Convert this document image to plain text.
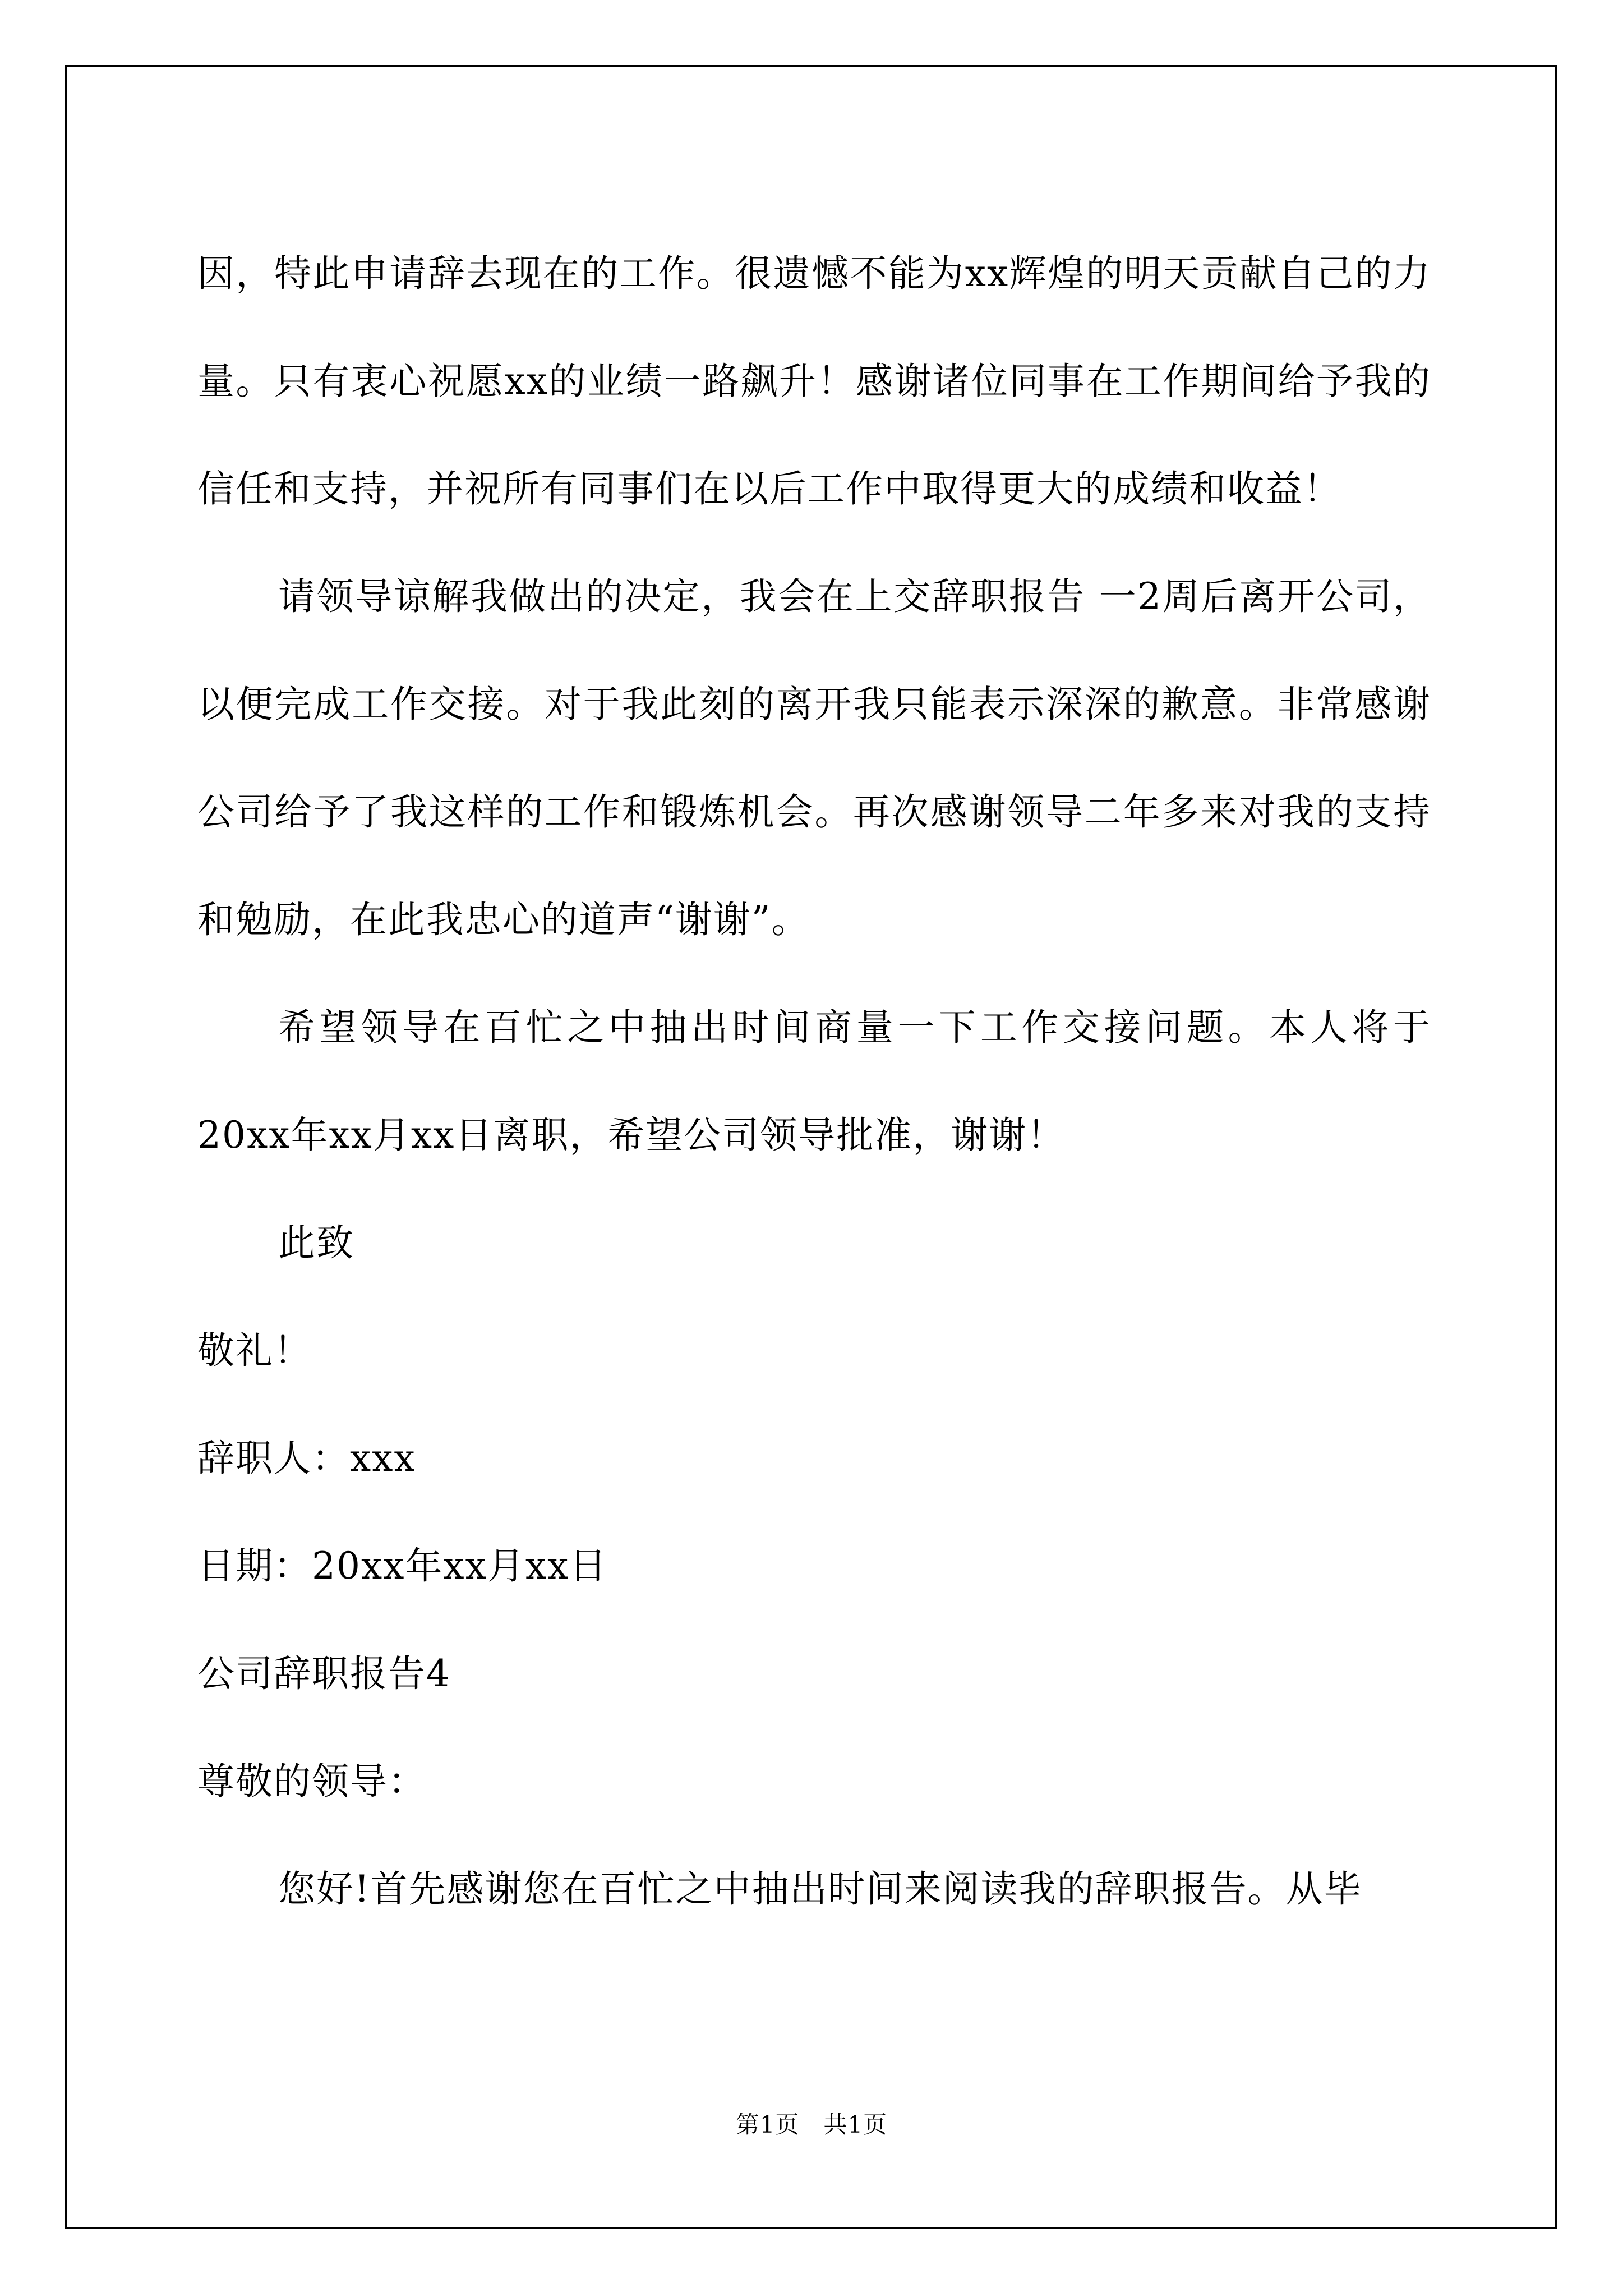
因，特此申请辞去现在的工作。很遗憾不能为xx辉煌的明天贡献自己的力量。只有衷心祝愿xx的业绩一路飙升！感谢诸位同事在工作期间给予我的信任和支持，并祝所有同事们在以后工作中取得更大的成绩和收益！

请领导谅解我做出的决定，我会在上交辞职报告 一2周后离开公司，以便完成工作交接。对于我此刻的离开我只能表示深深的歉意。非常感谢公司给予了我这样的工作和锻炼机会。再次感谢领导二年多来对我的支持和勉励，在此我忠心的道声“谢谢”。

希望领导在百忙之中抽出时间商量一下工作交接问题。本人将于20xx年xx月xx日离职，希望公司领导批准，谢谢！

此致

敬礼！

辞职人：xxx

日期：20xx年xx月xx日

公司辞职报告4

尊敬的领导：

您好!首先感谢您在百忙之中抽出时间来阅读我的辞职报告。从毕

第1页   共1页
